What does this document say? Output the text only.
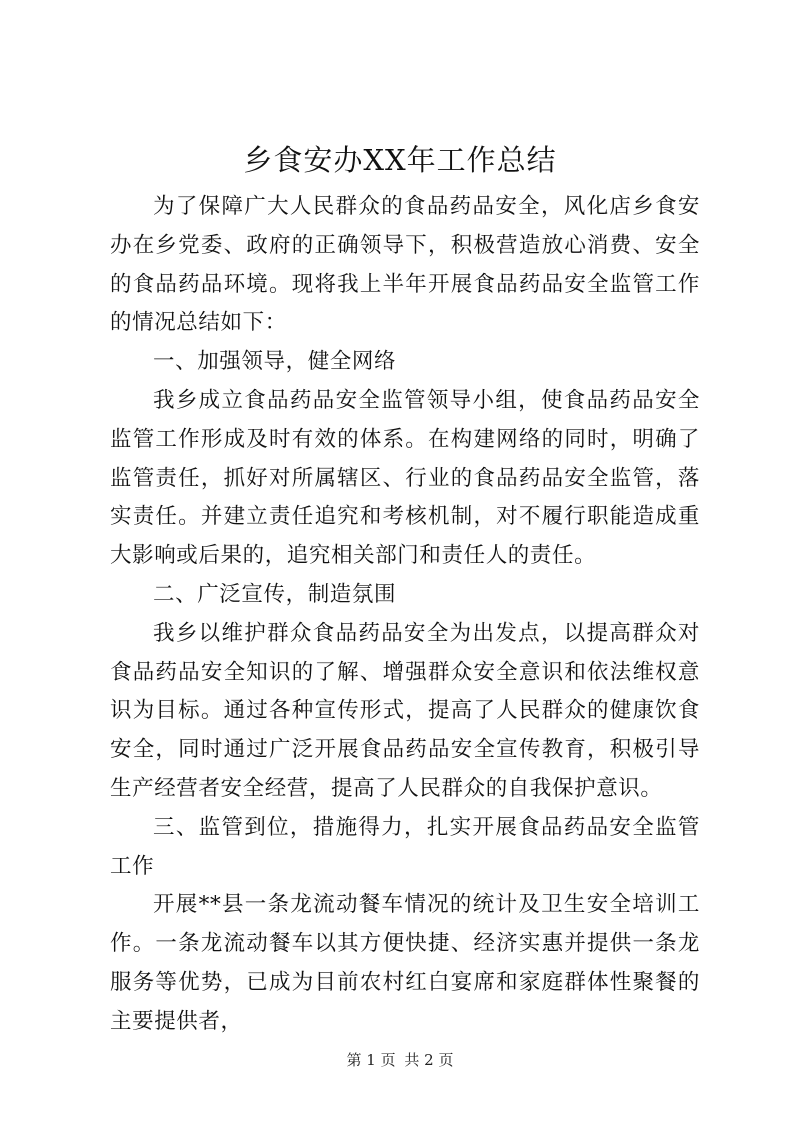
乡食安办XX年工作总结

为了保障广大人民群众的食品药品安全，风化店乡食安办在乡党委、政府的正确领导下，积极营造放心消费、安全的食品药品环境。现将我上半年开展食品药品安全监管工作的情况总结如下：

一、加强领导，健全网络

我乡成立食品药品安全监管领导小组，使食品药品安全监管工作形成及时有效的体系。在构建网络的同时，明确了监管责任，抓好对所属辖区、行业的食品药品安全监管，落实责任。并建立责任追究和考核机制，对不履行职能造成重大影响或后果的，追究相关部门和责任人的责任。

二、广泛宣传，制造氛围

我乡以维护群众食品药品安全为出发点，以提高群众对食品药品安全知识的了解、增强群众安全意识和依法维权意识为目标。通过各种宣传形式，提高了人民群众的健康饮食安全，同时通过广泛开展食品药品安全宣传教育，积极引导生产经营者安全经营，提高了人民群众的自我保护意识。

三、监管到位，措施得力，扎实开展食品药品安全监管工作

开展**县一条龙流动餐车情况的统计及卫生安全培训工作。一条龙流动餐车以其方便快捷、经济实惠并提供一条龙服务等优势，已成为目前农村红白宴席和家庭群体性聚餐的主要提供者，

第 1 页 共 2 页
